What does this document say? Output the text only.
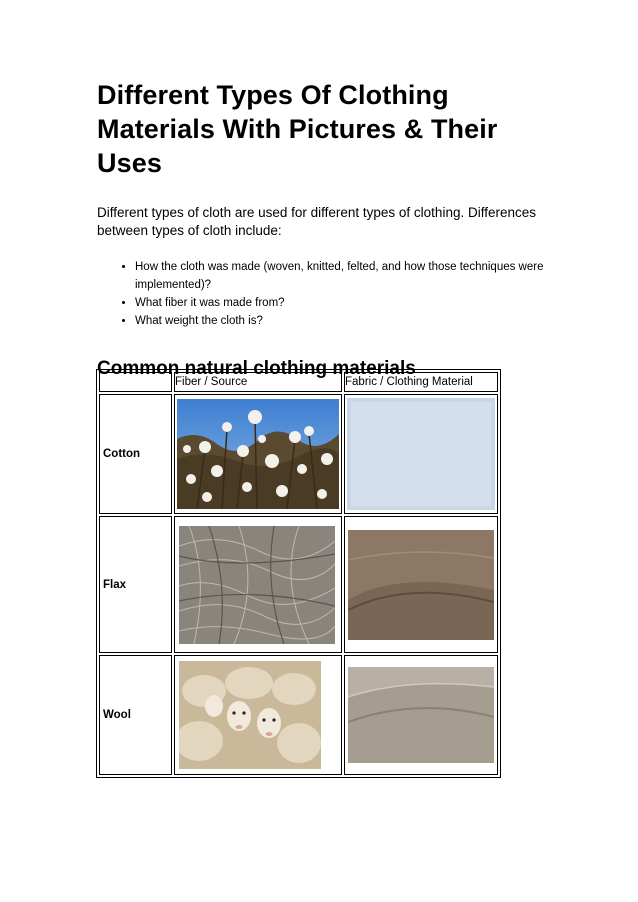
Different Types Of Clothing Materials With Pictures & Their Uses

Different types of cloth are used for different types of clothing. Differences between types of cloth include:

• How the cloth was made (woven, knitted, felted, and how those techniques were implemented)?
• What fiber it was made from?
• What weight the cloth is?
Common natural clothing materials
	Fiber / Source	Fabric / Clothing Material
Cotton	

Flax	

Wool	
